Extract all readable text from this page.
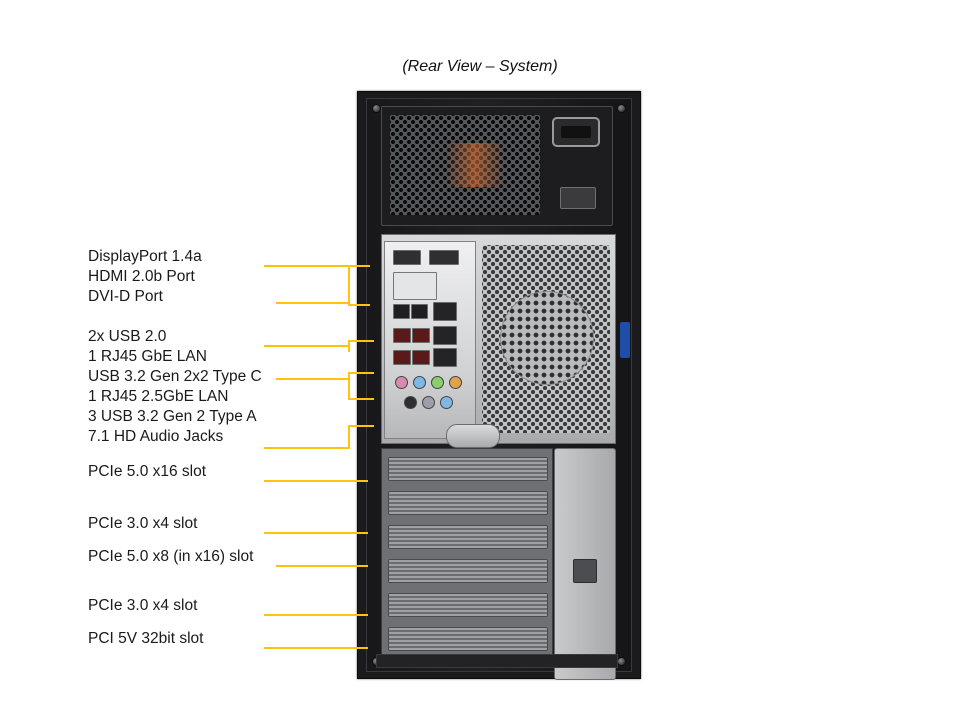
(Rear View – System)
DisplayPort 1.4a
HDMI 2.0b Port
DVI-D Port
2x USB 2.0
1 RJ45 GbE LAN
USB 3.2 Gen 2x2 Type C
1 RJ45 2.5GbE LAN
3 USB 3.2 Gen 2 Type A
7.1 HD Audio Jacks
PCIe 5.0 x16 slot
PCIe 3.0 x4 slot
PCIe 5.0 x8 (in x16) slot
PCIe 3.0 x4 slot
PCI 5V 32bit slot
